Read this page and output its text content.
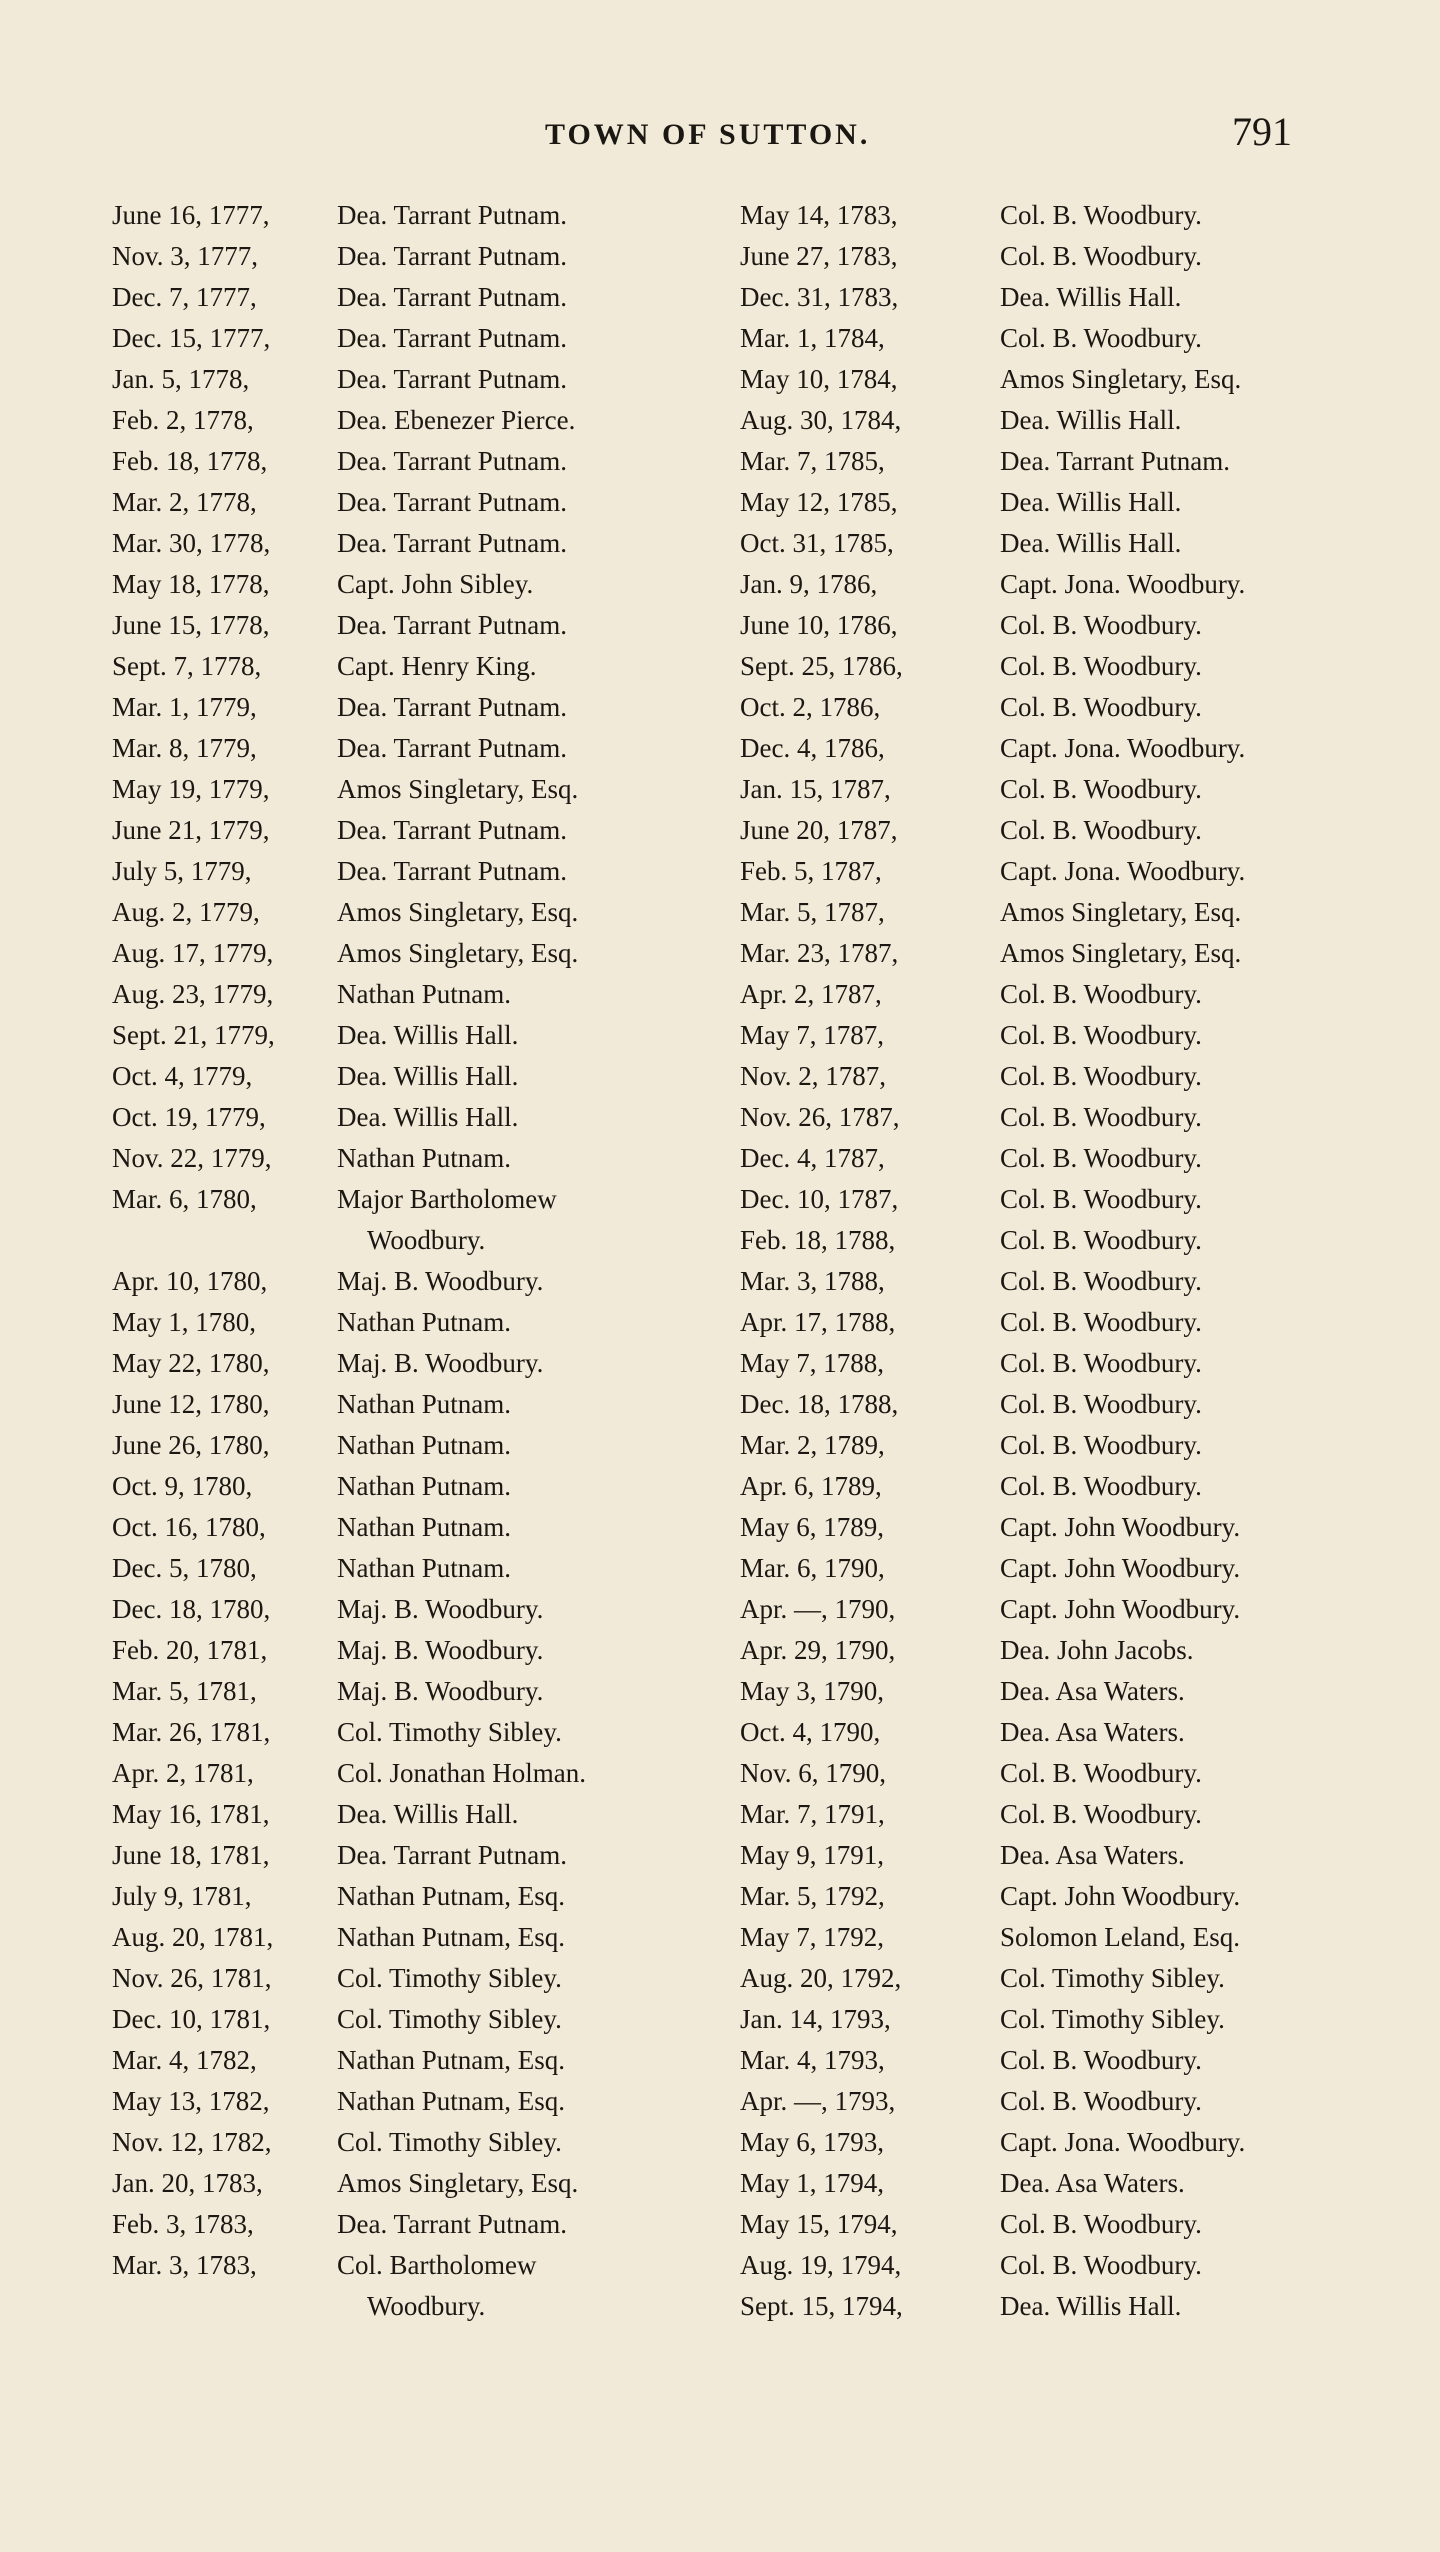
TOWN OF SUTTON.	791
June 16, 1777,	Dea. Tarrant Putnam.
Nov. 3, 1777,	Dea. Tarrant Putnam.
Dec. 7, 1777,	Dea. Tarrant Putnam.
Dec. 15, 1777, Dea. Tarrant Putnam.
Jan. 5, 1778,	Dea. Tarrant Putnam.
Feb. 2, 1778,	Dea. Ebenezer Pierce.
Feb. 18, 1778,	Dea. Tarrant Putnam.
Mar. 2, 1778,	Dea. Tarrant Putnam.
Mar. 30, 1778, Dea. Tarrant Putnam.
May 18, 1778,	Capt. John Sibley.
June 15, 1778,	Dea. Tarrant Putnam.
Sept. 7, 1778,	Capt. Henry King.
Mar. 1, 1779,	Dea. Tarrant Putnam.
Mar. 8, 1779,	Dea. Tarrant Putnam.
May 19, 1779,	Amos Singletary, Esq.
June 21, 1779,	Dea. Tarrant Putnam.
July 5, 1779,	Dea. Tarrant Putnam.
Aug. 2, 1779,	Amos Singletary, Esq.
Aug. 17, 1779, Amos Singletary, Esq.
Aug. 23, 1779, Nathan Putnam.
Sept. 21, 1779, Dea. Willis Hall.
Oct. 4, 1779,	Dea. Willis Hall.
Oct. 19, 1779,	Dea. Willis Hall.
Nov. 22, 1779, Nathan Putnam.
Mar. 6, 1780,	Major Bartholomew
Woodbury.
Apr. 10, 1780,	Maj. B. Woodbury.
May 1, 1780,	Nathan Putnam.
May 22, 1780,	Maj. B. Woodbury.
June 12, 1780,	Nathan Putnam.
June 26, 1780,	Nathan Putnam.
Oct. 9, 1780,	Nathan Putnam.
Oct. 16, 1780,	Nathan Putnam.
Dec. 5, 1780,	Nathan Putnam.
Dec. 18, 1780, Maj. B. Woodbury.
Feb. 20, 1781,	Maj. B. Woodbury.
Mar. 5, 1781,	Maj. B. Woodbury.
Mar. 26, 1781, Col. Timothy Sibley.
Apr. 2, 1781,	Col. Jonathan Holman.
May 16, 1781,	Dea. Willis Hall.
June 18, 1781,	Dea. Tarrant Putnam.
July 9, 1781,	Nathan Putnam, Esq.
Aug. 20, 1781, Nathan Putnam, Esq.
Nov. 26, 1781, Col. Timothy Sibley.
Dec. 10, 1781, Col. Timothy Sibley.
Mar. 4, 1782,	Nathan Putnam, Esq.
May 13, 1782,	Nathan Putnam, Esq.
Nov. 12, 1782, Col. Timothy Sibley.
Jan. 20, 1783,	Amos Singletary, Esq.
Feb. 3, 1783,	Dea. Tarrant Putnam.
Mar. 3, 1783,	Col. Bartholomew
Woodbury.
May 14, 1783,	Col. B. Woodbury.
June 27, 1783,	Col. B. Woodbury.
Dec. 31, 1783,	Dea. Willis Hall.
Mar. 1, 1784,	Col. B. Woodbury.
May 10, 1784,	Amos Singletary, Esq.
Aug. 30, 1784,	Dea. Willis Hall.
Mar. 7, 1785,	Dea. Tarrant Putnam.
May 12, 1785,	Dea. Willis Hall.
Oct. 31, 1785,	Dea. Willis Hall.
Jan. 9, 1786,	Capt. Jona. Woodbury.
June 10, 1786,	Col. B. Woodbury.
Sept. 25, 1786,	Col. B. Woodbury.
Oct. 2, 1786,	Col. B. Woodbury.
Dec. 4, 1786,	Capt. Jona. Woodbury.
Jan. 15, 1787,	Col. B. Woodbury.
June 20, 1787,	Col. B. Woodbury.
Feb. 5, 1787,	Capt. Jona. Woodbury.
Mar. 5, 1787,	Amos Singletary, Esq.
Mar. 23, 1787,	Amos Singletary, Esq.
Apr. 2, 1787,	Col. B. Woodbury.
May 7, 1787,	Col. B. Woodbury.
Nov. 2, 1787,	Col. B. Woodbury.
Nov. 26, 1787,	Col. B. Woodbury.
Dec. 4, 1787,	Col. B. Woodbury.
Dec. 10, 1787,	Col. B. Woodbury.
Feb. 18, 1788,	Col. B. Woodbury.
Mar. 3, 1788,	Col. B. Woodbury.
Apr. 17, 1788,	Col. B. Woodbury.
May 7, 1788,	Col. B. Woodbury.
Dec. 18, 1788,	Col. B. Woodbury.
Mar. 2, 1789,	Col. B. Woodbury.
Apr. 6, 1789,	Col. B. Woodbury.
May 6, 1789,	Capt. John Woodbury.
Mar. 6, 1790,	Capt. John Woodbury.
Apr. —, 1790,	Capt. John Woodbury.
Apr. 29, 1790,	Dea. John Jacobs.
May 3, 1790,	Dea. Asa Waters.
Oct. 4, 1790,	Dea. Asa Waters.
Nov. 6, 1790,	Col. B. Woodbury.
Mar. 7, 1791,	Col. B. Woodbury.
May 9, 1791,	Dea. Asa Waters.
Mar. 5, 1792,	Capt. John Woodbury.
May 7, 1792,	Solomon Leland, Esq.
Aug. 20, 1792,	Col. Timothy Sibley.
Jan. 14, 1793,	Col. Timothy Sibley.
Mar. 4, 1793,	Col. B. Woodbury.
Apr. —, 1793,	Col. B. Woodbury.
May 6, 1793,	Capt. Jona. Woodbury.
May 1, 1794,	Dea. Asa Waters.
May 15, 1794,	Col. B. Woodbury.
Aug. 19, 1794,	Col. B. Woodbury.
Sept. 15, 1794,	Dea. Willis Hall.
